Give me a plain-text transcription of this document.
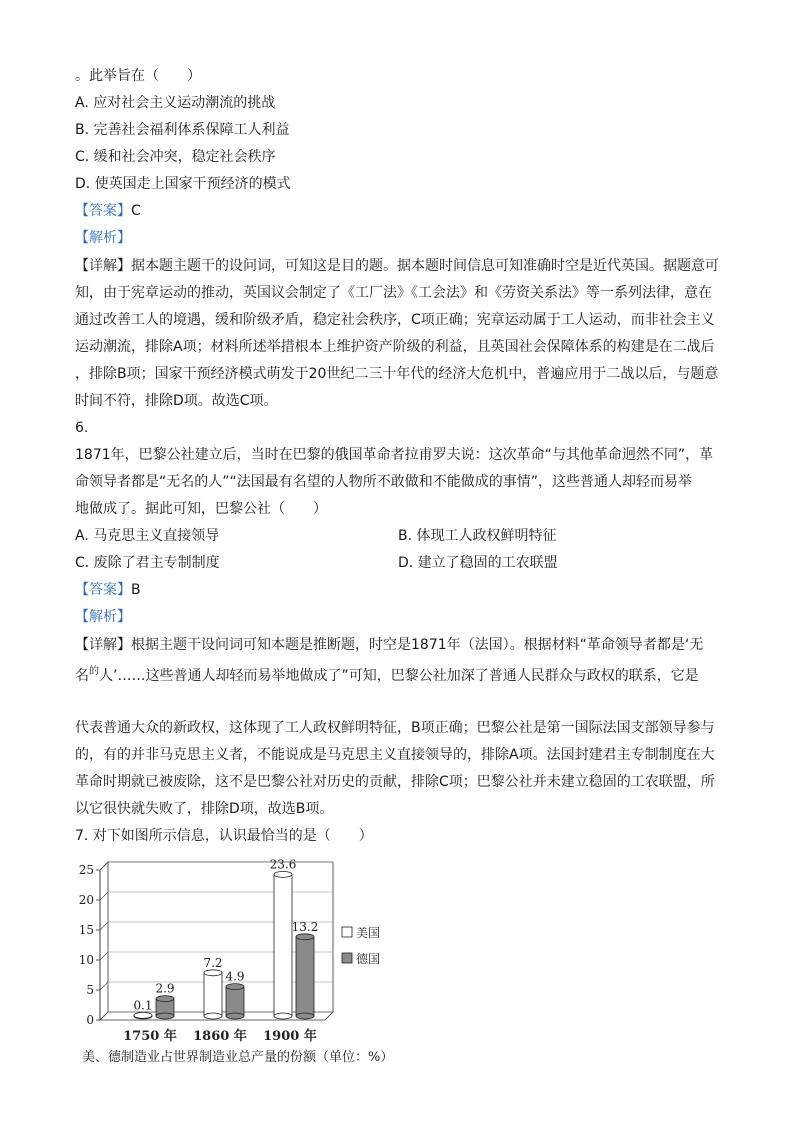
。此举旨在（　　）
A. 应对社会主义运动潮流的挑战
B. 完善社会福利体系保障工人利益
C. 缓和社会冲突，稳定社会秩序
D. 使英国走上国家干预经济的模式
【答案】C
【解析】
【详解】据本题主题干的设问词，可知这是目的题。据本题时间信息可知准确时空是近代英国。据题意可
知，由于宪章运动的推动，英国议会制定了《工厂法》《工会法》和《劳资关系法》等一系列法律，意在
通过改善工人的境遇，缓和阶级矛盾，稳定社会秩序，C项正确；宪章运动属于工人运动，而非社会主义
运动潮流，排除A项；材料所述举措根本上维护资产阶级的利益，且英国社会保障体系的构建是在二战后
，排除B项；国家干预经济模式萌发于20世纪二三十年代的经济大危机中，普遍应用于二战以后，与题意
时间不符，排除D项。故选C项。
6.
1871年，巴黎公社建立后，当时在巴黎的俄国革命者拉甫罗夫说：这次革命“与其他革命迥然不同”，革
命领导者都是“无名的人”“法国最有名望的人物所不敢做和不能做成的事情”，这些普通人却轻而易举
地做成了。据此可知，巴黎公社（　　）
A. 马克思主义直接领导	B. 体现工人政权鲜明特征
C. 废除了君主专制制度	D. 建立了稳固的工农联盟
【答案】B
【解析】
【详解】根据主题干设问词可知本题是推断题，时空是1871年（法国）。根据材料“革命领导者都是‘无
名$^的$人’……这些普通人却轻而易举地做成了”可知，巴黎公社加深了普通人民群众与政权的联系，它是
代表普通大众的新政权，这体现了工人政权鲜明特征，B项正确；巴黎公社是第一国际法国支部领导参与
的，有的并非马克思主义者，不能说成是马克思主义直接领导的，排除A项。法国封建君主专制制度在大
革命时期就已被废除，这不是巴黎公社对历史的贡献，排除C项；巴黎公社并未建立稳固的工农联盟，所
以它很快就失败了，排除D项，故选B项。
7. 对下如图所示信息，认识最恰当的是（　　）
0
5
10
15
20
25
0.1
2.9
1750 年
7.2
4.9
1860 年
23.6
13.2
1900 年
美国
德国
美、德制造业占世界制造业总产量的份额（单位：%）
